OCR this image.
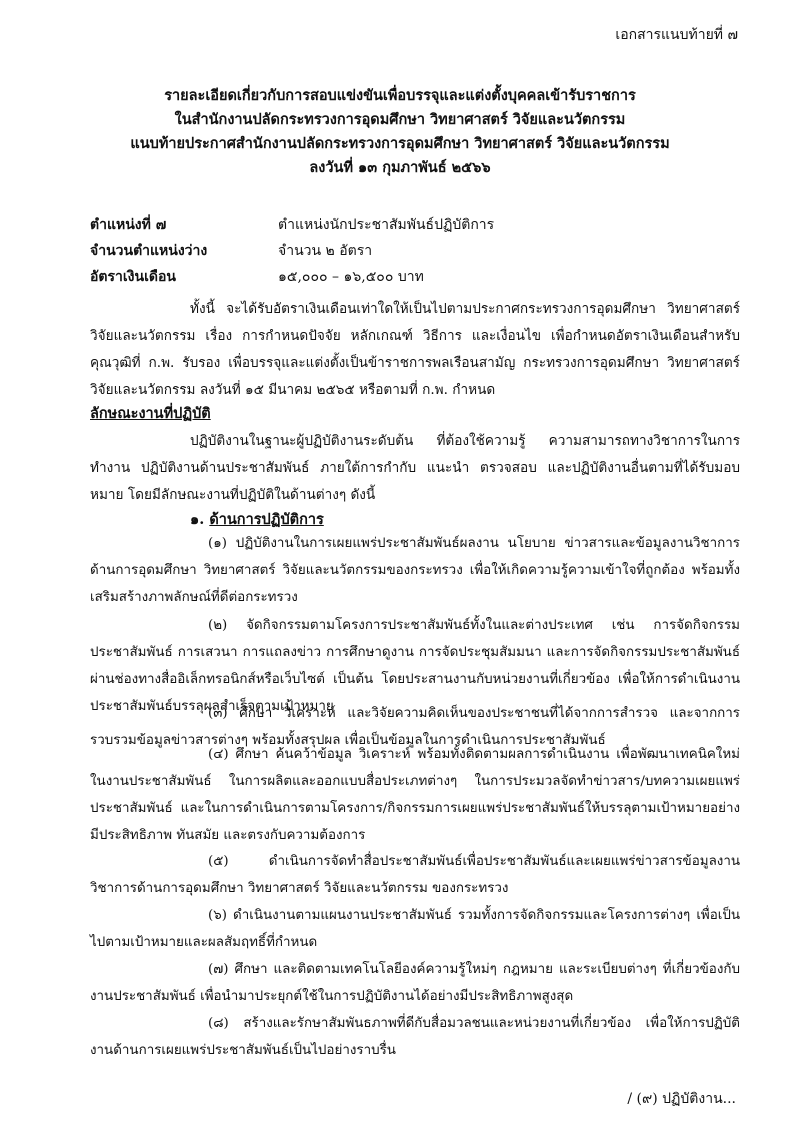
เอกสารแนบท้ายที่ ๗
รายละเอียดเกี่ยวกับการสอบแข่งขันเพื่อบรรจุและแต่งตั้งบุคคลเข้ารับราชการ
ในสำนักงานปลัดกระทรวงการอุดมศึกษา วิทยาศาสตร์ วิจัยและนวัตกรรม
แนบท้ายประกาศสำนักงานปลัดกระทรวงการอุดมศึกษา วิทยาศาสตร์ วิจัยและนวัตกรรม
ลงวันที่ ๑๓ กุมภาพันธ์ ๒๕๖๖
ตำแหน่งที่ ๗	ตำแหน่งนักประชาสัมพันธ์ปฏิบัติการ
จำนวนตำแหน่งว่าง	จำนวน ๒ อัตรา
อัตราเงินเดือน	๑๕,๐๐๐ – ๑๖,๕๐๐ บาท
ทั้งนี้ จะได้รับอัตราเงินเดือนเท่าใดให้เป็นไปตามประกาศกระทรวงการอุดมศึกษา วิทยาศาสตร์ วิจัยและนวัตกรรม เรื่อง การกำหนดปัจจัย หลักเกณฑ์ วิธีการ และเงื่อนไข เพื่อกำหนดอัตราเงินเดือนสำหรับคุณวุฒิที่ ก.พ. รับรอง เพื่อบรรจุและแต่งตั้งเป็นข้าราชการพลเรือนสามัญ กระทรวงการอุดมศึกษา วิทยาศาสตร์ วิจัยและนวัตกรรม ลงวันที่ ๑๕ มีนาคม ๒๕๖๕ หรือตามที่ ก.พ. กำหนด
ลักษณะงานที่ปฏิบัติ
ปฏิบัติงานในฐานะผู้ปฏิบัติงานระดับต้น ที่ต้องใช้ความรู้ ความสามารถทางวิชาการในการทำงาน ปฏิบัติงานด้านประชาสัมพันธ์ ภายใต้การกำกับ แนะนำ ตรวจสอบ และปฏิบัติงานอื่นตามที่ได้รับมอบหมาย โดยมีลักษณะงานที่ปฏิบัติในด้านต่างๆ ดังนี้
๑. ด้านการปฏิบัติการ
(๑) ปฏิบัติงานในการเผยแพร่ประชาสัมพันธ์ผลงาน นโยบาย ข่าวสารและข้อมูลงานวิชาการด้านการอุดมศึกษา วิทยาศาสตร์ วิจัยและนวัตกรรมของกระทรวง เพื่อให้เกิดความรู้ความเข้าใจที่ถูกต้อง พร้อมทั้งเสริมสร้างภาพลักษณ์ที่ดีต่อกระทรวง
(๒) จัดกิจกรรมตามโครงการประชาสัมพันธ์ทั้งในและต่างประเทศ เช่น การจัดกิจกรรมประชาสัมพันธ์ การเสวนา การแถลงข่าว การศึกษาดูงาน การจัดประชุมสัมมนา และการจัดกิจกรรมประชาสัมพันธ์ผ่านช่องทางสื่ออิเล็กทรอนิกส์หรือเว็บไซต์ เป็นต้น โดยประสานงานกับหน่วยงานที่เกี่ยวข้อง เพื่อให้การดำเนินงานประชาสัมพันธ์บรรลุผลสำเร็จตามเป้าหมาย
(๓) ศึกษา วิเคราะห์ และวิจัยความคิดเห็นของประชาชนที่ได้จากการสำรวจ และจากการรวบรวมข้อมูลข่าวสารต่างๆ พร้อมทั้งสรุปผล เพื่อเป็นข้อมูลในการดำเนินการประชาสัมพันธ์
(๔) ศึกษา ค้นคว้าข้อมูล วิเคราะห์ พร้อมทั้งติดตามผลการดำเนินงาน เพื่อพัฒนาเทคนิคใหม่ในงานประชาสัมพันธ์ ในการผลิตและออกแบบสื่อประเภทต่างๆ ในการประมวลจัดทำข่าวสาร/บทความเผยแพร่ประชาสัมพันธ์ และในการดำเนินการตามโครงการ/กิจกรรมการเผยแพร่ประชาสัมพันธ์ให้บรรลุตามเป้าหมายอย่างมีประสิทธิภาพ ทันสมัย และตรงกับความต้องการ
(๕) ดำเนินการจัดทำสื่อประชาสัมพันธ์เพื่อประชาสัมพันธ์และเผยแพร่ข่าวสารข้อมูลงานวิชาการด้านการอุดมศึกษา วิทยาศาสตร์ วิจัยและนวัตกรรม ของกระทรวง
(๖) ดำเนินงานตามแผนงานประชาสัมพันธ์ รวมทั้งการจัดกิจกรรมและโครงการต่างๆ เพื่อเป็นไปตามเป้าหมายและผลสัมฤทธิ์ที่กำหนด
(๗) ศึกษา และติดตามเทคโนโลยีองค์ความรู้ใหม่ๆ กฎหมาย และระเบียบต่างๆ ที่เกี่ยวข้องกับงานประชาสัมพันธ์ เพื่อนำมาประยุกต์ใช้ในการปฏิบัติงานได้อย่างมีประสิทธิภาพสูงสุด
(๘) สร้างและรักษาสัมพันธภาพที่ดีกับสื่อมวลชนและหน่วยงานที่เกี่ยวข้อง เพื่อให้การปฏิบัติงานด้านการเผยแพร่ประชาสัมพันธ์เป็นไปอย่างราบรื่น
/ (๙) ปฏิบัติงาน...
